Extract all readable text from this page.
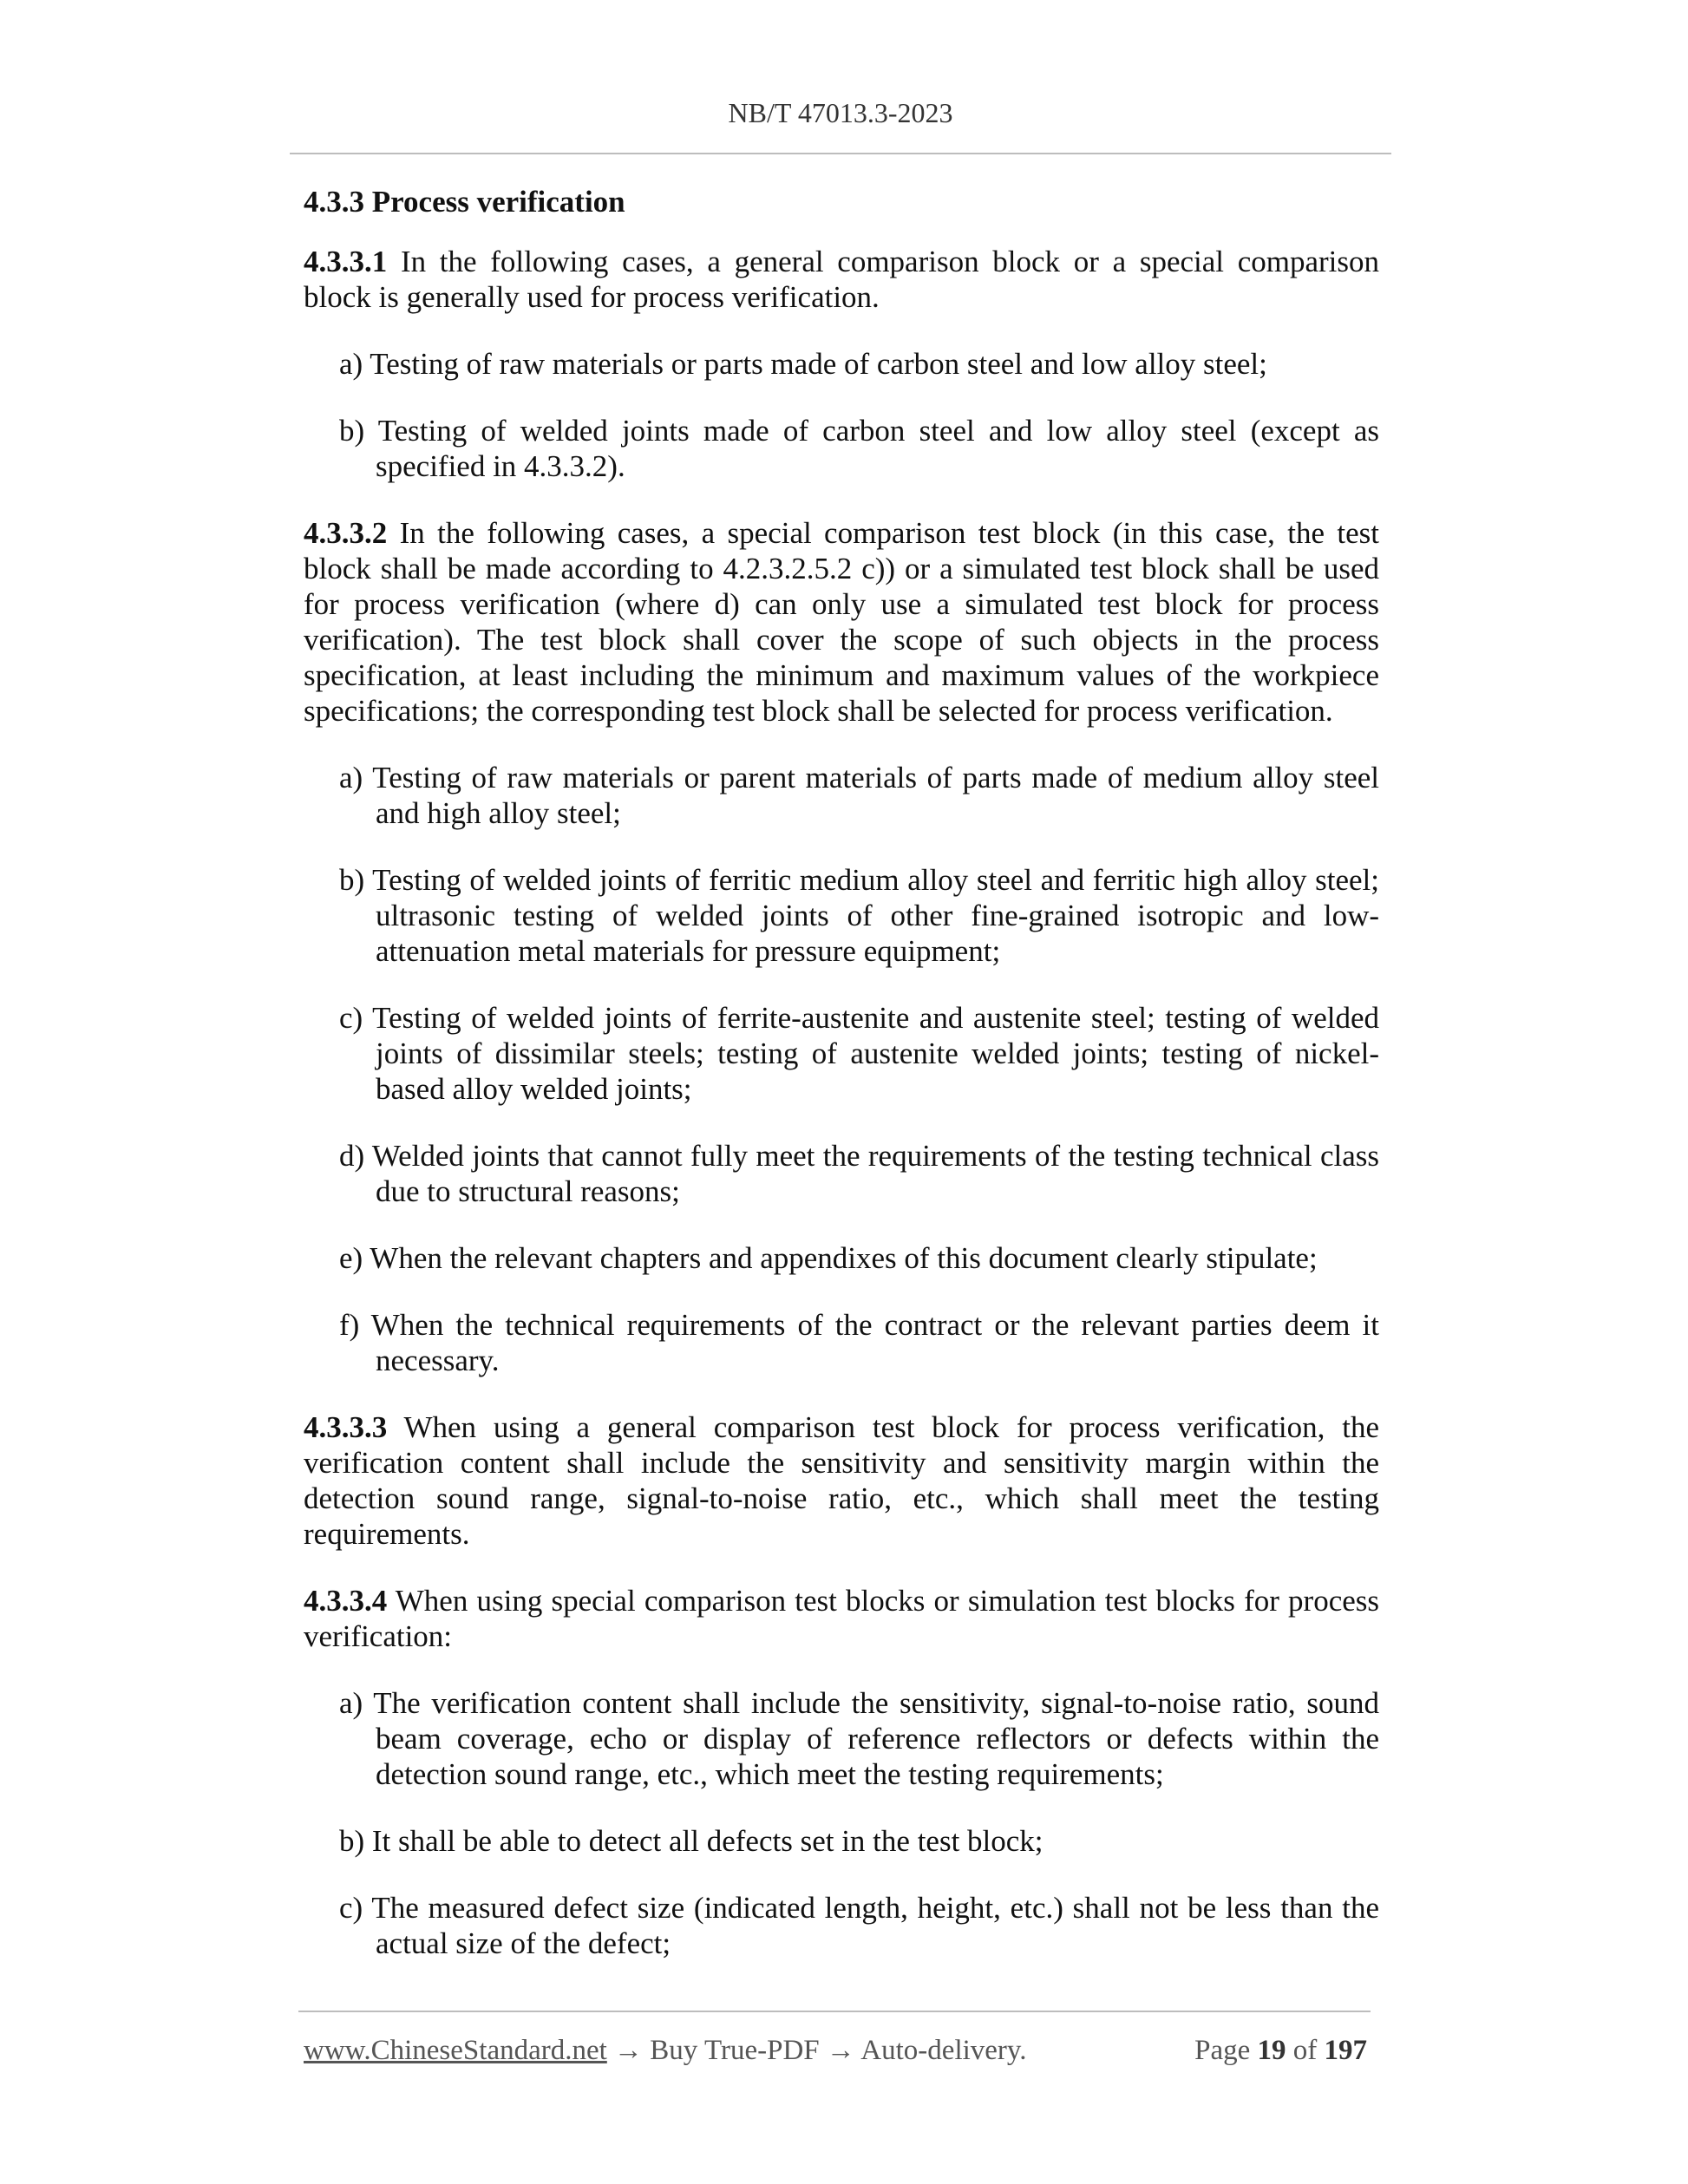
NB/T 47013.3-2023
4.3.3 Process verification

4.3.3.1 In the following cases, a general comparison block or a special comparison block is generally used for process verification.

a) Testing of raw materials or parts made of carbon steel and low alloy steel;
b) Testing of welded joints made of carbon steel and low alloy steel (except as specified in 4.3.3.2).

4.3.3.2 In the following cases, a special comparison test block (in this case, the test block shall be made according to 4.2.3.2.5.2 c)) or a simulated test block shall be used for process verification (where d) can only use a simulated test block for process verification). The test block shall cover the scope of such objects in the process specification, at least including the minimum and maximum values of the workpiece specifications; the corresponding test block shall be selected for process verification.

a) Testing of raw materials or parent materials of parts made of medium alloy steel and high alloy steel;
b) Testing of welded joints of ferritic medium alloy steel and ferritic high alloy steel; ultrasonic testing of welded joints of other fine-grained isotropic and low-attenuation metal materials for pressure equipment;
c) Testing of welded joints of ferrite-austenite and austenite steel; testing of welded joints of dissimilar steels; testing of austenite welded joints; testing of nickel-based alloy welded joints;
d) Welded joints that cannot fully meet the requirements of the testing technical class due to structural reasons;
e) When the relevant chapters and appendixes of this document clearly stipulate;
f) When the technical requirements of the contract or the relevant parties deem it necessary.

4.3.3.3 When using a general comparison test block for process verification, the verification content shall include the sensitivity and sensitivity margin within the detection sound range, signal-to-noise ratio, etc., which shall meet the testing requirements.

4.3.3.4 When using special comparison test blocks or simulation test blocks for process verification:

a) The verification content shall include the sensitivity, signal-to-noise ratio, sound beam coverage, echo or display of reference reflectors or defects within the detection sound range, etc., which meet the testing requirements;
b) It shall be able to detect all defects set in the test block;
c) The measured defect size (indicated length, height, etc.) shall not be less than the actual size of the defect;
www.ChineseStandard.net → Buy True-PDF → Auto-delivery.	Page 19 of 197
